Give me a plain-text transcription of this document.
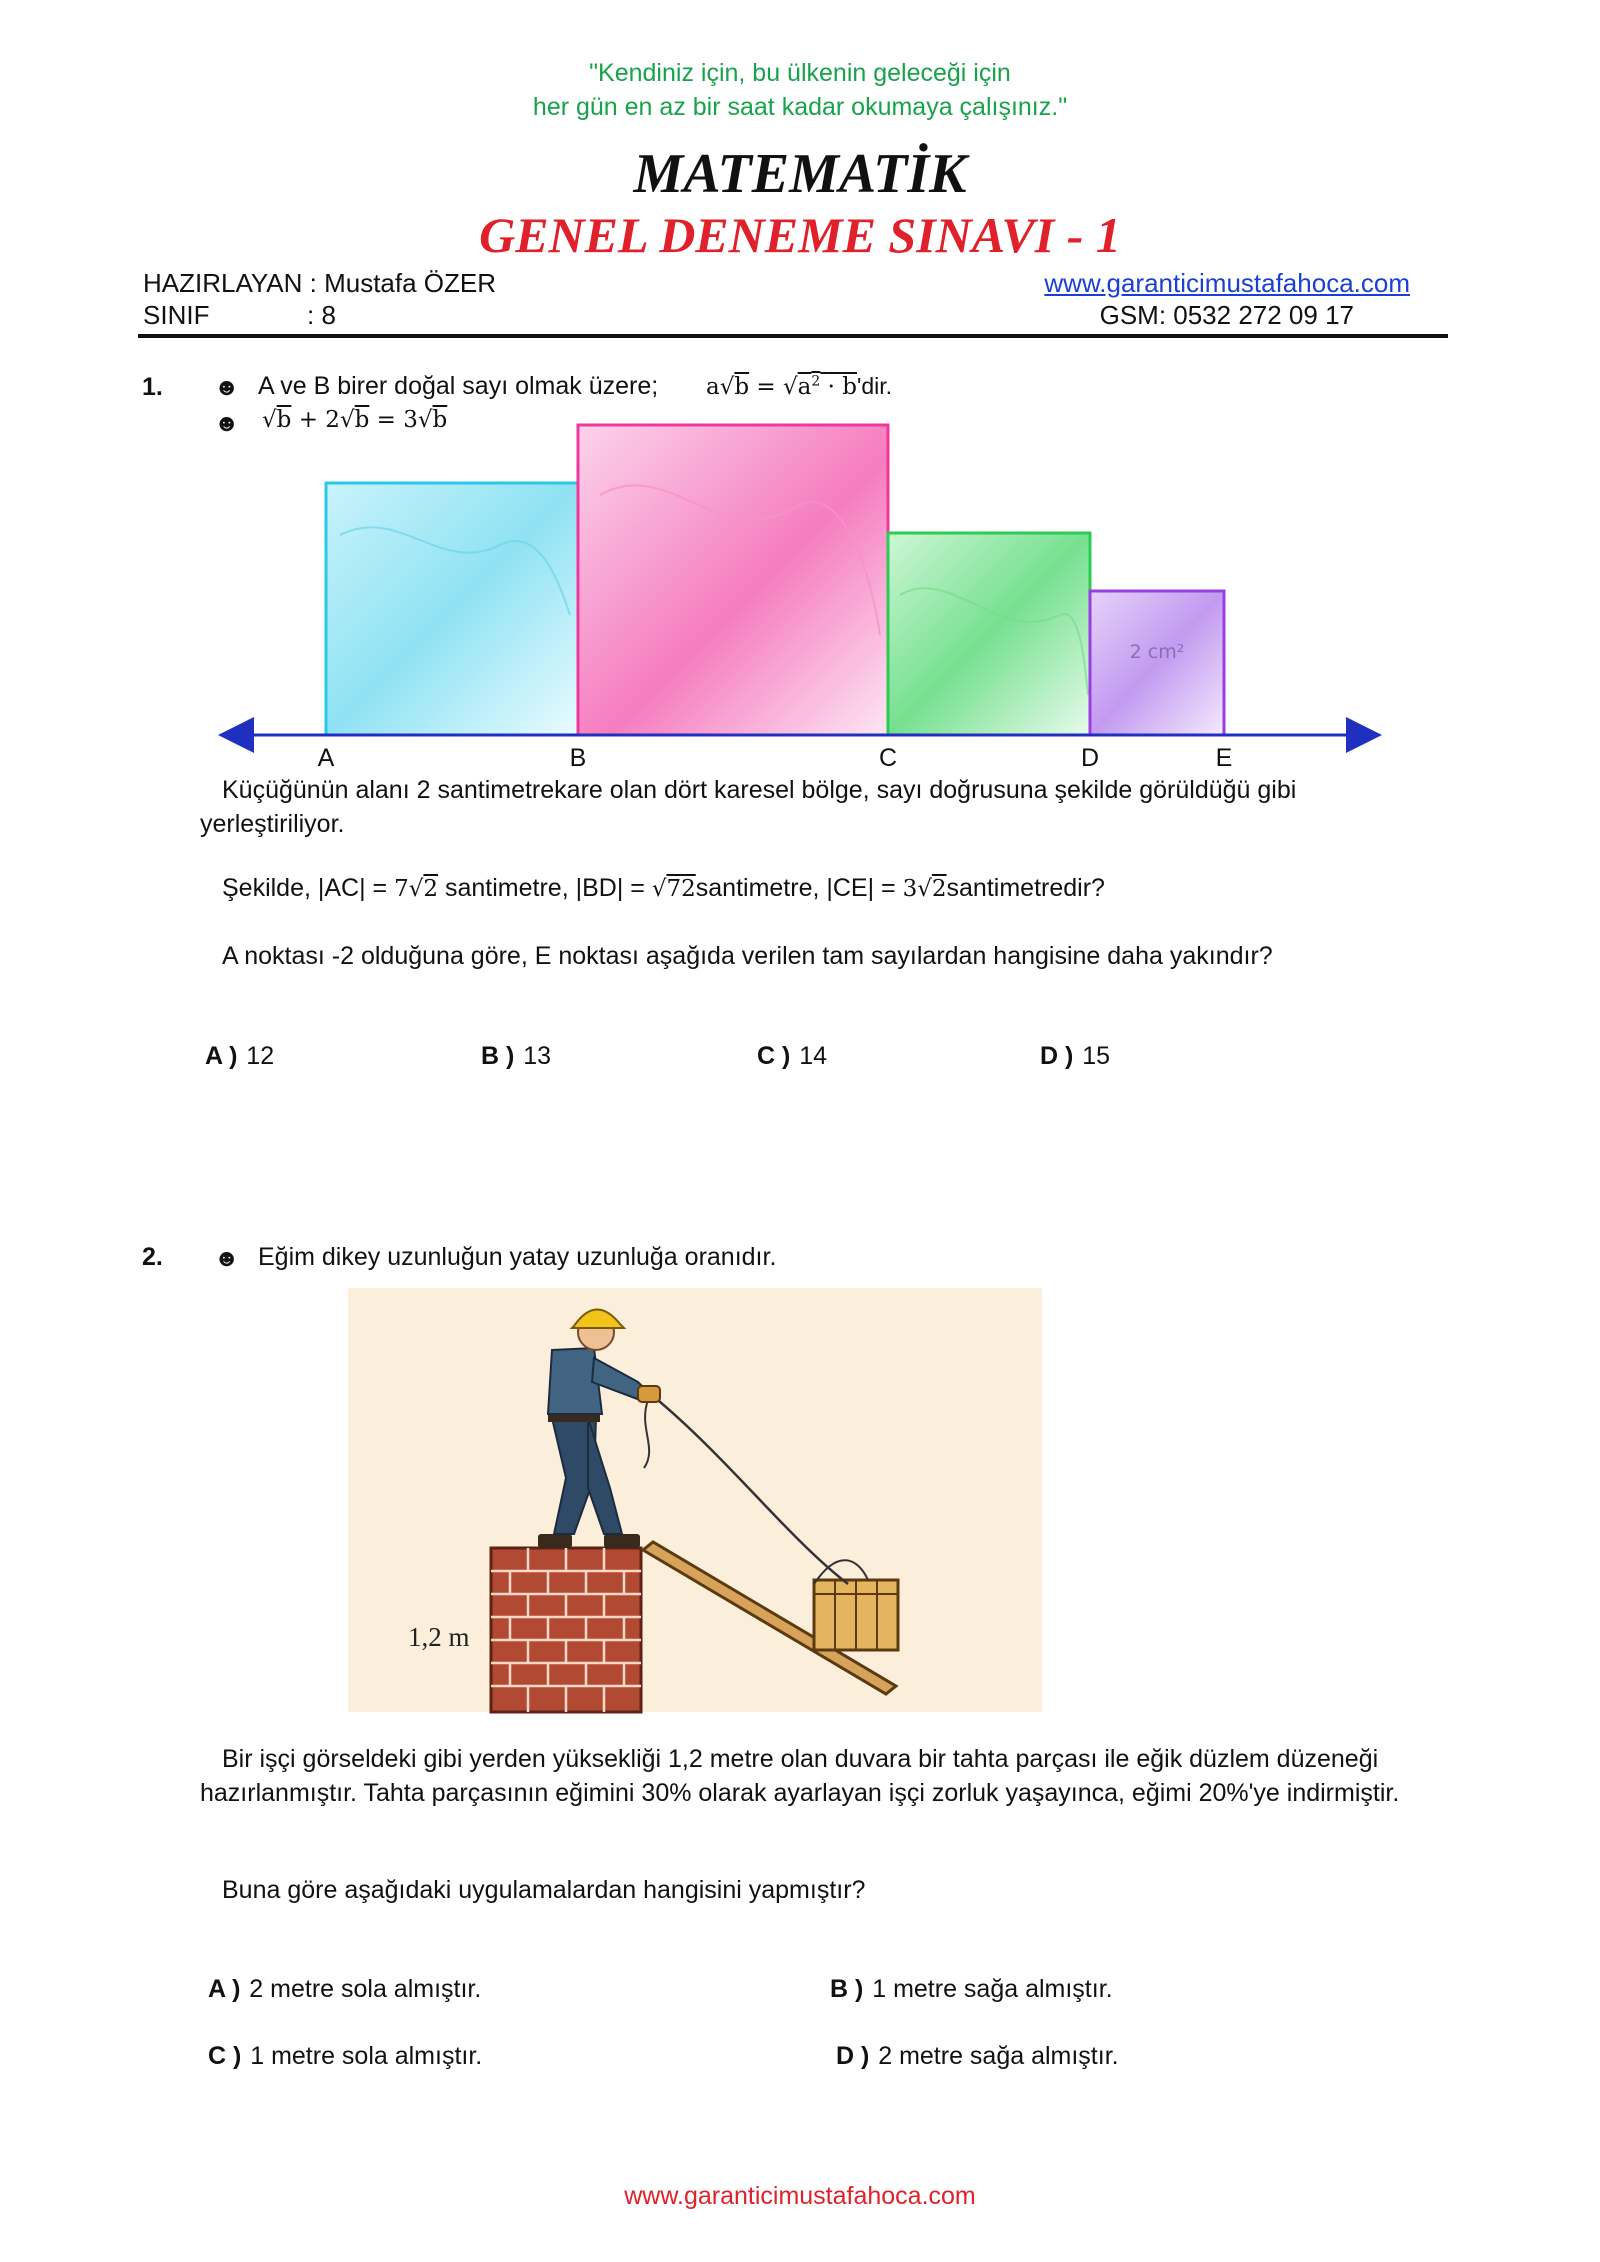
"Kendiniz için, bu ülkenin geleceği için
her gün en az bir saat kadar okumaya çalışınız."
MATEMATİK
GENEL DENEME SINAVI - 1
HAZIRLAYAN : Mustafa ÖZER
SINIF	: 8
www.garanticimustafahoca.com
GSM: 0532 272 09 17
1. ☻ A ve B birer doğal sayı olmak üzere; $a√b = √a^2 \cdot b'dir$.
☻ √b + 2√b = 3√b
2 cm²
A	B	C	D	E
Küçüğünün alanı 2 santimetrekare olan dört karesel bölge, sayı doğrusuna şekilde görüldüğü gibi yerleştiriliyor.
Şekilde, |AC| = 7√2 santimetre, |BD| = √72santimetre, |CE| = 3√2santimetredir?
A noktası -2 olduğuna göre, E noktası aşağıda verilen tam sayılardan hangisine daha yakındır?
A ) 12	B ) 13	C ) 14	D ) 15
2. ☻ Eğim dikey uzunluğun yatay uzunluğa oranıdır.
1,2 m
Bir işçi görseldeki gibi yerden yüksekliği 1,2 metre olan duvara bir tahta parçası ile eğik düzlem düzeneği hazırlanmıştır. Tahta parçasının eğimini 30% olarak ayarlayan işçi zorluk yaşayınca, eğimi 20%'ye indirmiştir.
Buna göre aşağıdaki uygulamalardan hangisini yapmıştır?
A ) 2 metre sola almıştır.	B ) 1 metre sağa almıştır.
C ) 1 metre sola almıştır.	D ) 2 metre sağa almıştır.
www.garanticimustafahoca.com
